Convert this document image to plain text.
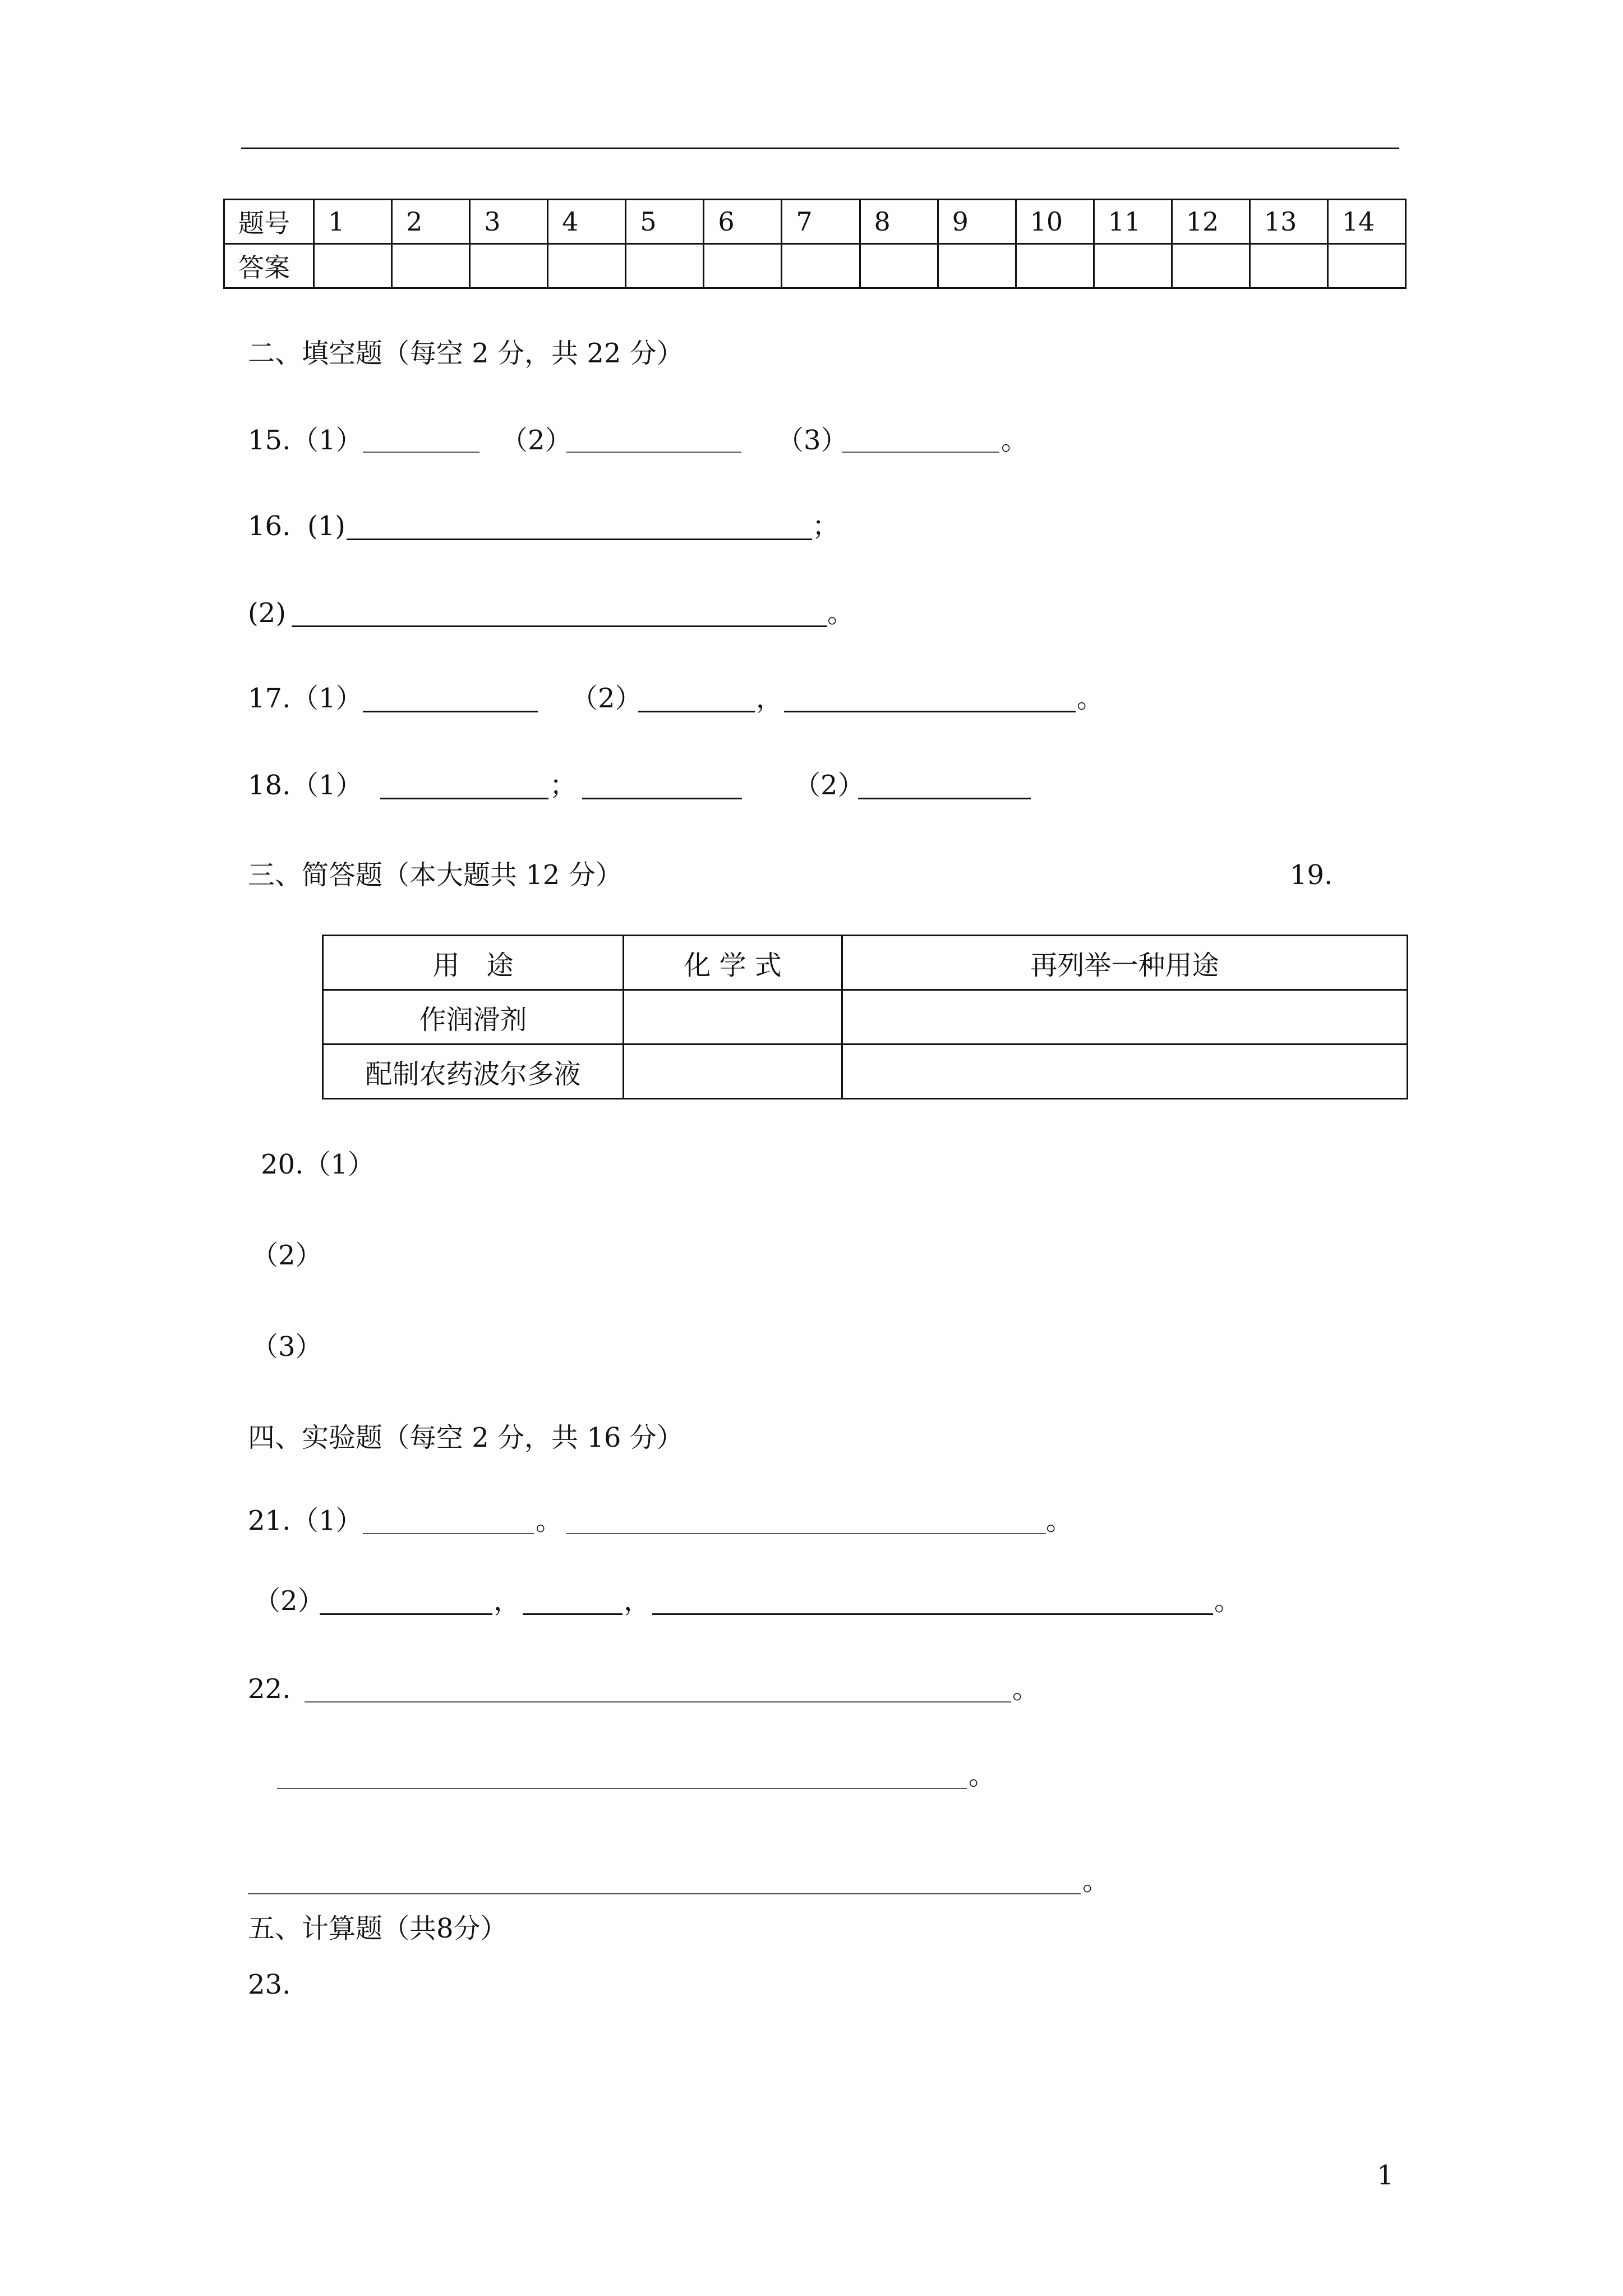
题号	1	2	3	4	5	6	7	8	9	10	11	12	13	14
答案														
二、填空题（每空 2 分，共 22 分）
15. （1）	（2）	（3）	。
16. (1)	；
(2)	。
17. （1）	（2）	，	。
18. （1）	；	（2）
三、简答题（本大题共 12 分）	19.
用　途	化 学 式	再列举一种用途
作润滑剂		
配制农药波尔多液		
20.（1）
（2）
（3）
四、实验题（每空 2 分，共 16 分）
21. （1）	。	。
（2）	，	，	。
22.	。
。
。
五、计算题（共8分）
23.
1
